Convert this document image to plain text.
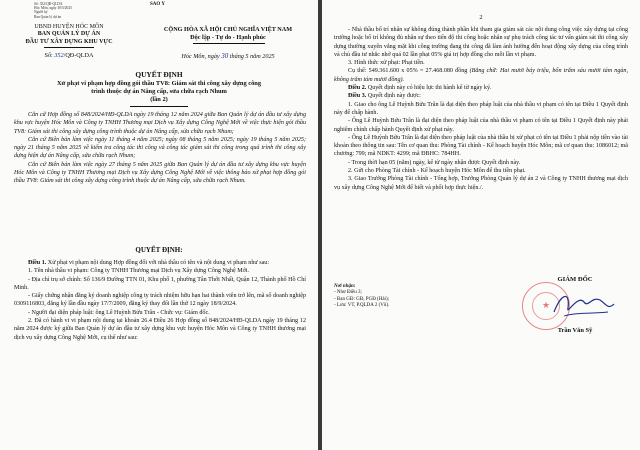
SAO Y
Số: 352/QĐ-QLDA
Hóc Môn, ngày 30/5/2025
Người ký
Ban Quản lý dự án
UBND HUYỆN HÓC MÔN
BAN QUẢN LÝ DỰ ÁN
ĐẦU TƯ XÂY DỰNG KHU VỰC
Số: 352/QĐ-QLDA
CỘNG HÒA XÃ HỘI CHỦ NGHĨA VIỆT NAM
Độc lập - Tự do - Hạnh phúc
Hóc Môn, ngày 30 tháng 5 năm 2025
QUYẾT ĐỊNH
Xử phạt vi phạm hợp đồng gói thầu TV8: Giám sát thi công xây dựng công
trình thuộc dự án Nâng cấp, sửa chữa rạch Nhum
(lần 2)
Căn cứ Hợp đồng số 848/2024/HĐ-QLDA ngày 19 tháng 12 năm 2024 giữa Ban Quản lý dự án đầu tư xây dựng khu vực huyện Hóc Môn và Công ty TNHH Thương mại Dịch vụ Xây dựng Công Nghệ Mới về việc thực hiện gói thầu TV8: Giám sát thi công xây dựng công trình thuộc dự án Nâng cấp, sửa chữa rạch Nhum;
Căn cứ Biên bản làm việc ngày 11 tháng 4 năm 2025; ngày 08 tháng 5 năm 2025; ngày 19 tháng 5 năm 2025; ngày 21 tháng 5 năm 2025 về kiểm tra công tác thi công và công tác giám sát thi công trong quá trình thi công xây dựng hiện dự án Nâng cấp, sửa chữa rạch Nhum;
Căn cứ Biên bản làm việc ngày 27 tháng 5 năm 2025 giữa Ban Quản lý dự án đầu tư xây dựng khu vực huyện Hóc Môn và Công ty TNHH Thương mại Dịch vụ Xây dựng Công Nghệ Mới về việc thông báo xử phạt hợp đồng gói thầu TV8: Giám sát thi công xây dựng công trình thuộc dự án Nâng cấp, sửa chữa rạch Nhum.
QUYẾT ĐỊNH:
Điều 1. Xử phạt vi phạm nội dung Hợp đồng đối với nhà thầu có tên và nội dung vi phạm như sau:
1. Tên nhà thầu vi phạm: Công ty TNHH Thương mại Dịch vụ Xây dựng Công Nghệ Mới.
- Địa chỉ trụ sở chính: Số 136/9 Đường TTN 01, Khu phố 1, phường Tân Thới Nhất, Quận 12, Thành phố Hồ Chí Minh.
- Giấy chứng nhận đăng ký doanh nghiệp công ty trách nhiệm hữu hạn hai thành viên trở lên, mã số doanh nghiệp 0309116803, đăng ký lần đầu ngày 17/7/2009, đăng ký thay đổi lần thứ 12 ngày 18/9/2024.
- Người đại diện pháp luật: ông Lê Huỳnh Bửu Trân - Chức vụ: Giám đốc.
2. Đã có hành vi vi phạm nội dung tại khoản 26.4 Điều 26 Hợp đồng số 848/2024/HĐ-QLDA ngày 19 tháng 12 năm 2024 được ký giữa Ban Quản lý dự án đầu tư xây dựng khu vực huyện Hóc Môn và Công ty TNHH thương mại dịch vụ xây dựng Công Nghệ Mới, cụ thể như sau:
2
- Nhà thầu bố trí nhân sự không đúng thành phần khi tham gia giám sát các nội dung công việc xây dựng tại công trường hoặc bố trí không đủ nhân sự theo tiến độ thi công hoặc nhân sự phụ trách công tác tư vấn giám sát thi công xây dựng thường xuyên vắng mặt khi công trường đang thi công đã làm ảnh hưởng đến hoạt động xây dựng của công trình và chủ đầu tư nhắc nhở quá 02 lần phạt 05% giá trị hợp đồng cho mỗi lần vi phạm.
3. Hình thức xử phạt: Phạt tiền.
Cụ thể: 549.361.600 x 05% = 27.468.080 đồng (Bằng chữ: Hai mươi bảy triệu, bốn trăm sáu mươi tám ngàn, không trăm tám mươi đồng).
Điều 2. Quyết định này có hiệu lực thi hành kể từ ngày ký.
Điều 3. Quyết định này được:
1. Giao cho ông Lê Huỳnh Bửu Trân là đại diện theo pháp luật của nhà thầu vi phạm có tên tại Điều 1 Quyết định này để chấp hành.
- Ông Lê Huỳnh Bửu Trân là đại diện theo pháp luật của nhà thầu vi phạm có tên tại Điều 1 Quyết định này phải nghiêm chỉnh chấp hành Quyết định xử phạt này.
- Ông Lê Huỳnh Bửu Trân là đại diện theo pháp luật của nhà thầu bị xử phạt có tên tại Điều 1 phải nộp tiền vào tài khoản theo thông tin sau: Tên cơ quan thu: Phòng Tài chính - Kế hoạch huyện Hóc Môn; mã cơ quan thu: 1086012; mã chương: 799; mã NDKT: 4299; mã ĐBHC: 784HH.
- Trong thời hạn 05 (năm) ngày, kể từ ngày nhận được Quyết định này.
2. Gửi cho Phòng Tài chính - Kế hoạch huyện Hóc Môn để thu tiền phạt.
3. Giao Trưởng Phòng Tài chính - Tổng hợp, Trưởng Phòng Quản lý dự án 2 và Công ty TNHH thương mại dịch vụ xây dựng Công Nghệ Mới để biết và phối hợp thực hiện./.
Nơi nhận:
- Như Điều 3;
- Ban GĐ: GĐ, PGĐ (Hải);
- Lưu: VT, P.QLDA 2 (Vũ).
GIÁM ĐỐC
★
Trần Văn Sỹ
